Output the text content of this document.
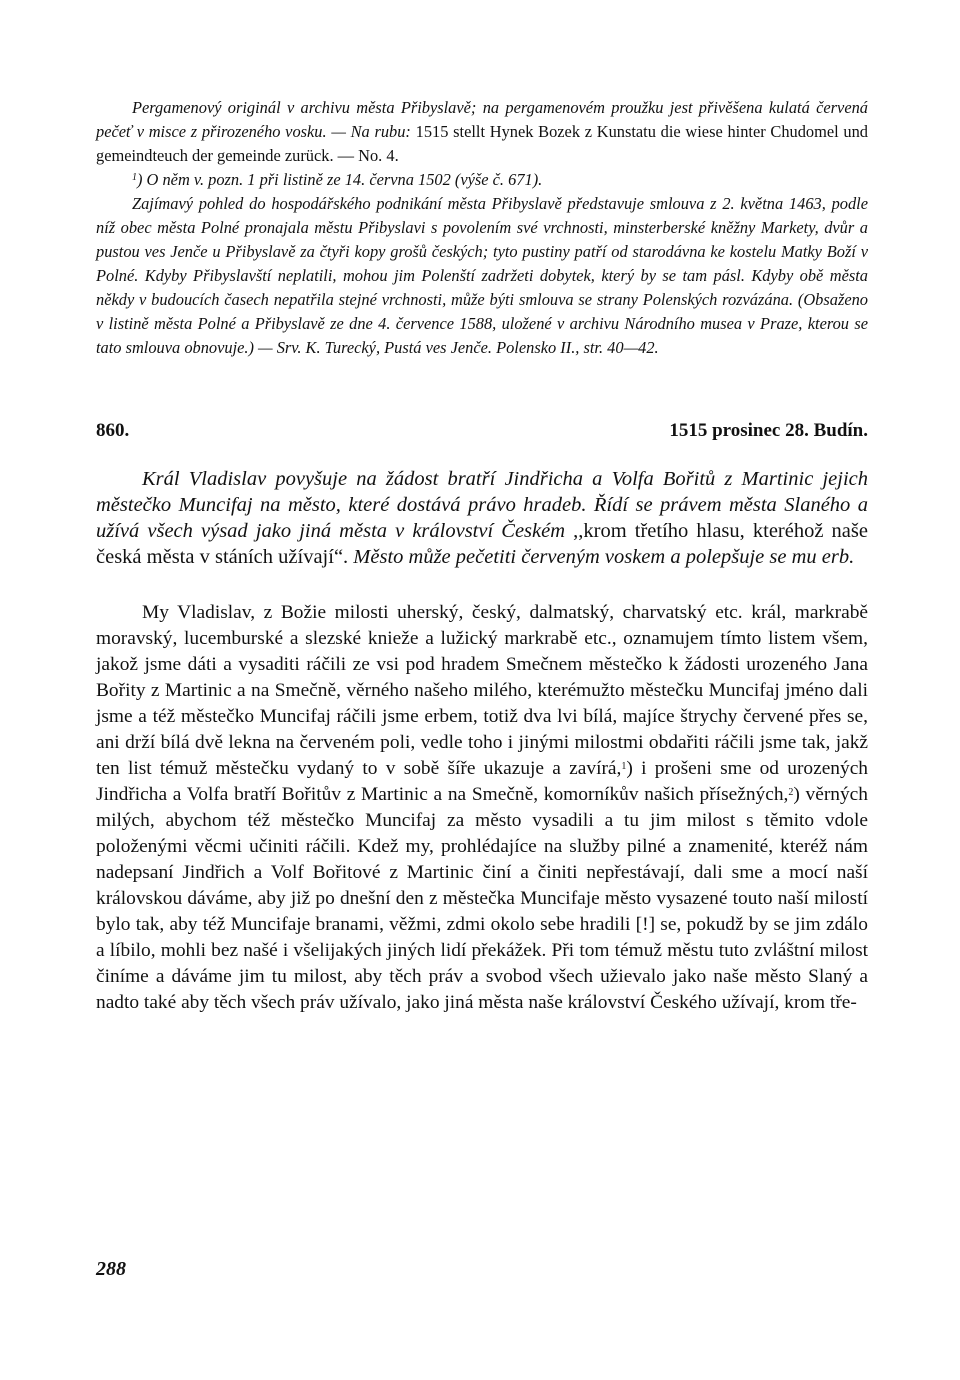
Pergamenový originál v archivu města Přibyslavě; na pergamenovém proužku jest přivěšena kulatá červená pečeť v misce z přirozeného vosku. — Na rubu: 1515 stellt Hynek Bozek z Kunstatu die wiese hinter Chudomel und gemeindteuch der gemeinde zurück. — No. 4.

$^1$) O něm v. pozn. 1 při listině ze 14. června 1502 (výše č. 671).

Zajímavý pohled do hospodářského podnikání města Přibyslavě představuje smlouva z 2. května 1463, podle níž obec města Polné pronajala městu Přibyslavi s povolením své vrchnosti, minsterberské kněžny Markety, dvůr a pustou ves Jenče u Přibyslavě za čtyři kopy grošů českých; tyto pustiny patří od starodávna ke kostelu Matky Boží v Polné. Kdyby Přibyslavští neplatili, mohou jim Polenští zadržeti dobytek, který by se tam pásl. Kdyby obě města někdy v budoucích časech nepatřila stejné vrchnosti, může býti smlouva se strany Polenských rozvázána. (Obsaženo v listině města Polné a Přibyslavě ze dne 4. července 1588, uložené v archivu Národního musea v Praze, kterou se tato smlouva obnovuje.) — Srv. K. Turecký, Pustá ves Jenče. Polensko II., str. 40—42.

860.	1515 prosinec 28. Budín.

Král Vladislav povyšuje na žádost bratří Jindřicha a Volfa Bořitů z Martinic jejich městečko Muncifaj na město, které dostává právo hradeb. Řídí se právem města Slaného a užívá všech výsad jako jiná města v království Českém ,,krom třetího hlasu, kteréhož naše česká města v stáních užívají“. Město může pečetiti červeným voskem a polepšuje se mu erb.

My Vladislav, z Božie milosti uherský, český, dalmatský, charvatský etc. král, markrabě moravský, lucemburské a slezské knieže a lužický markrabě etc., oznamujem tímto listem všem, jakož jsme dáti a vysaditi ráčili ze vsi pod hradem Smečnem městečko k žádosti urozeného Jana Bořity z Martinic a na Smečně, věrného našeho milého, kterémužto městečku Muncifaj jméno dali jsme a též městečko Muncifaj ráčili jsme erbem, totiž dva lvi bílá, majíce štrychy červené přes se, ani drží bílá dvě lekna na červeném poli, vedle toho i jinými milostmi obdařiti ráčili jsme tak, jakž ten list témuž městečku vydaný to v sobě šíře ukazuje a zavírá,$^1$) i prošeni sme od urozených Jindřicha a Volfa bratří Bořitův z Martinic a na Smečně, komorníkův našich přísežných,$^2$) věrných milých, abychom též městečko Muncifaj za město vysadili a tu jim milost s těmito vdole položenými věcmi učiniti ráčili. Kdež my, prohlédajíce na služby pilné a znamenité, kteréž nám nadepsaní Jindřich a Volf Bořitové z Martinic činí a činiti nepřestávají, dali sme a mocí naší královskou dáváme, aby již po dnešní den z městečka Muncifaje město vysazené touto naší milostí bylo tak, aby též Muncifaje branami, věžmi, zdmi okolo sebe hradili [!] se, pokudž by se jim zdálo a líbilo, mohli bez našé i všelijakých jiných lidí překážek. Při tom témuž městu tuto zvláštní milost činíme a dáváme jim tu milost, aby těch práv a svobod všech užievalo jako naše město Slaný a nadto také aby těch všech práv užívalo, jako jiná města naše království Českého užívají, krom tře-

288
